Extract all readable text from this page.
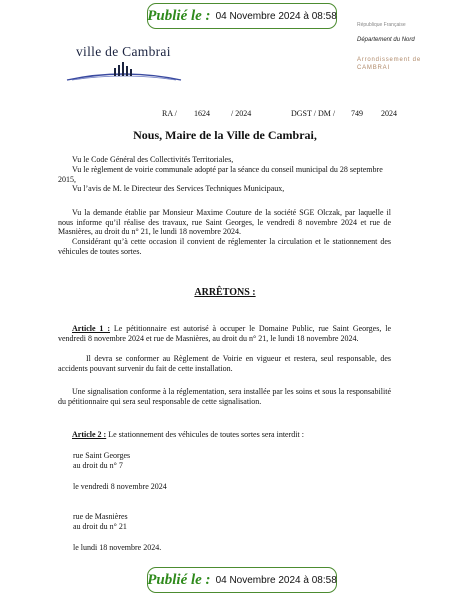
Publié le : 04 Novembre 2024 à 08:58
ville de Cambrai
République Française
Département du Nord
Arrondissement de
CAMBRAI
RA / 1624	/ 2024	DGST / DM / 749 2024
Nous, Maire de la Ville de Cambrai,

Vu le Code Général des Collectivités Territoriales,

Vu le règlement de voirie communale adopté par la séance du conseil municipal du 28 septembre 2015,

Vu l’avis de M. le Directeur des Services Techniques Municipaux,

Vu la demande établie par Monsieur Maxime Couture de la société SGE Olczak, par laquelle il nous informe qu’il réalise des travaux, rue Saint Georges, le vendredi 8 novembre 2024 et rue de Masnières, au droit du n° 21, le lundi 18 novembre 2024.

Considérant qu’à cette occasion il convient de réglementer la circulation et le stationnement des véhicules de toutes sortes.

ARRÊTONS :

Article 1 : Le pétitionnaire est autorisé à occuper le Domaine Public, rue Saint Georges, le vendredi 8 novembre 2024 et rue de Masnières, au droit du n° 21, le lundi 18 novembre 2024.

Il devra se conformer au Règlement de Voirie en vigueur et restera, seul responsable, des accidents pouvant survenir du fait de cette installation.

Une signalisation conforme à la réglementation, sera installée par les soins et sous la responsabilité du pétitionnaire qui sera seul responsable de cette signalisation.

Article 2 : Le stationnement des véhicules de toutes sortes sera interdit :

rue Saint Georges
au droit du n° 7
le vendredi 8 novembre 2024
rue de Masnières
au droit du n° 21
le lundi 18 novembre 2024.
Publié le : 04 Novembre 2024 à 08:58
